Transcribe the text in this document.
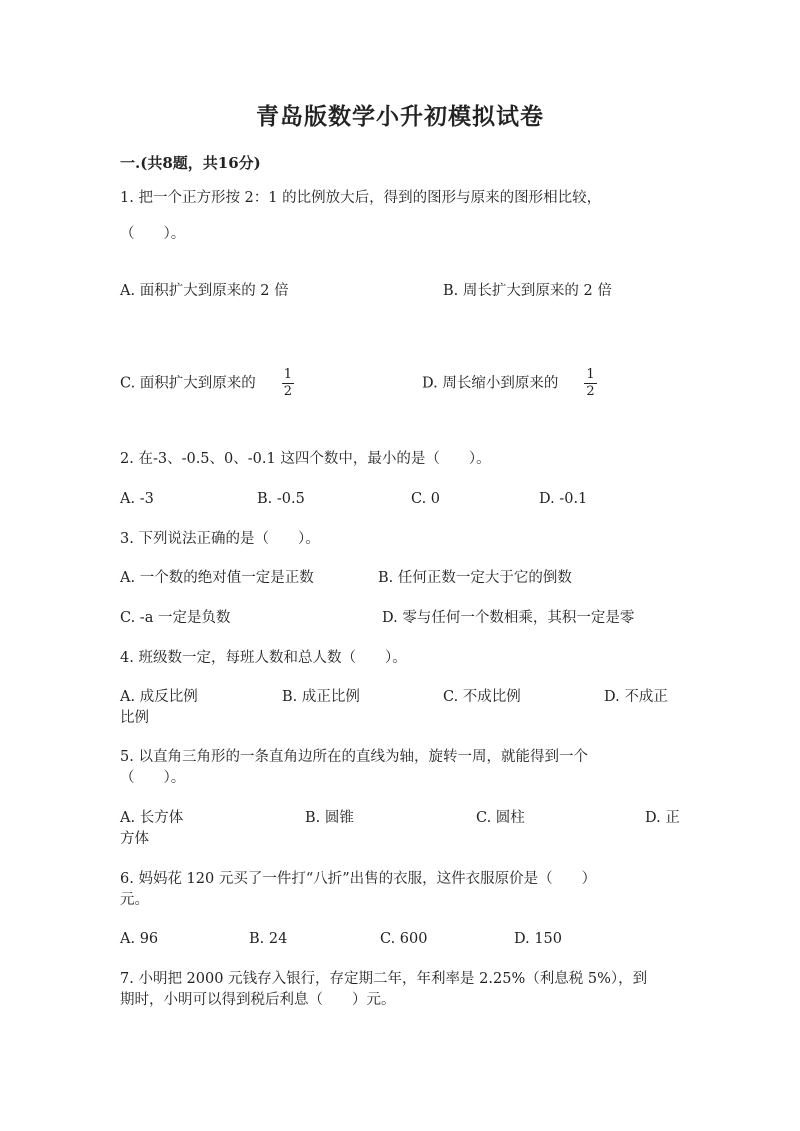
青岛版数学小升初模拟试卷
一.(共8题，共16分)
1. 把一个正方形按 2：1 的比例放大后，得到的图形与原来的图形相比较，
（　　）。
A. 面积扩大到原来的 2 倍	B. 周长扩大到原来的 2 倍
C. 面积扩大到原来的 $\frac{1}{2}$	D. 周长缩小到原来的 $\frac{1}{2}$
2. 在-3、-0.5、0、-0.1 这四个数中，最小的是（　　）。
A. -3	B. -0.5	C. 0	D. -0.1
3. 下列说法正确的是（　　）。
A. 一个数的绝对值一定是正数	B. 任何正数一定大于它的倒数
C. -a 一定是负数	D. 零与任何一个数相乘，其积一定是零
4. 班级数一定，每班人数和总人数（　　）。
A. 成反比例	B. 成正比例	C. 不成比例	D. 不成正
比例
5. 以直角三角形的一条直角边所在的直线为轴，旋转一周，就能得到一个
（　　）。
A. 长方体	B. 圆锥	C. 圆柱	D. 正
方体
6. 妈妈花 120 元买了一件打“八折”出售的衣服，这件衣服原价是（　　）
元。
A. 96	B. 24	C. 600	D. 150
7. 小明把 2000 元钱存入银行，存定期二年，年利率是 2.25%（利息税 5%），到
期时，小明可以得到税后利息（　　）元。
